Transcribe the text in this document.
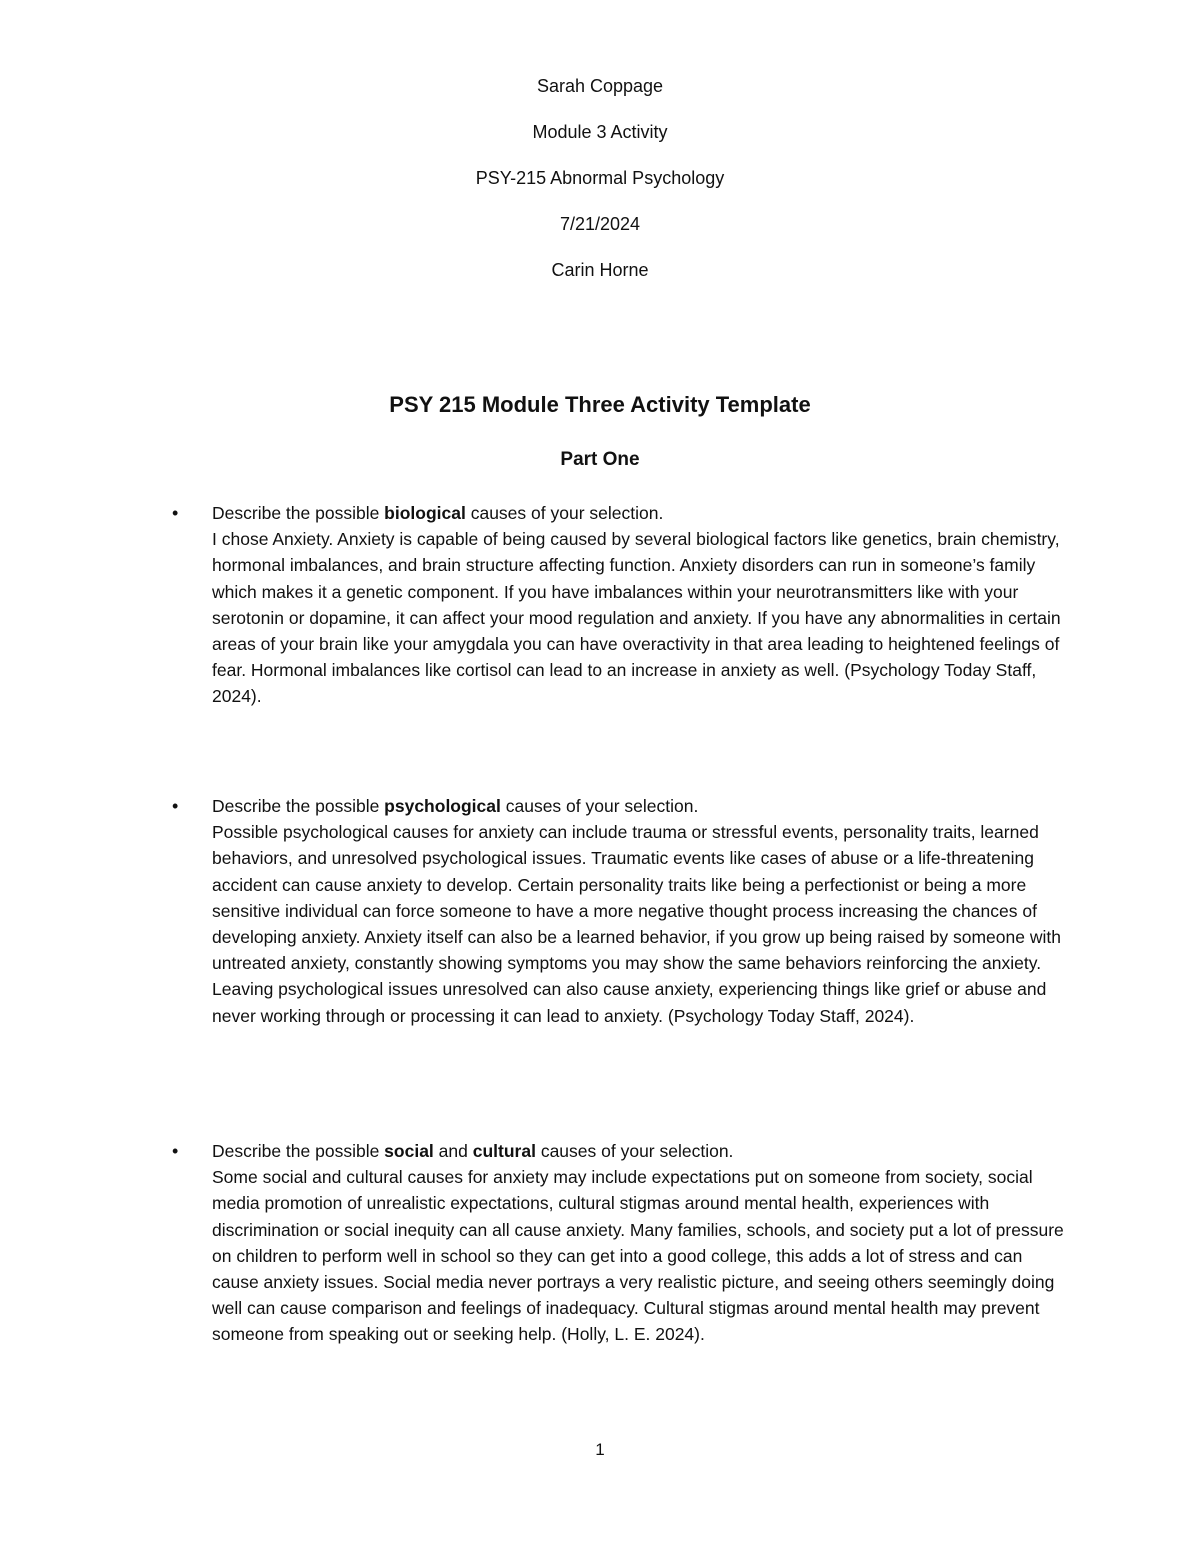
Sarah Coppage
Module 3 Activity
PSY-215 Abnormal Psychology
7/21/2024
Carin Horne
PSY 215 Module Three Activity Template
Part One
• Describe the possible biological causes of your selection.

I chose Anxiety. Anxiety is capable of being caused by several biological factors like genetics, brain chemistry, hormonal imbalances, and brain structure affecting function. Anxiety disorders can run in someone’s family which makes it a genetic component. If you have imbalances within your neurotransmitters like with your serotonin or dopamine, it can affect your mood regulation and anxiety. If you have any abnormalities in certain areas of your brain like your amygdala you can have overactivity in that area leading to heightened feelings of fear. Hormonal imbalances like cortisol can lead to an increase in anxiety as well. (Psychology Today Staff, 2024).

• Describe the possible psychological causes of your selection.

Possible psychological causes for anxiety can include trauma or stressful events, personality traits, learned behaviors, and unresolved psychological issues. Traumatic events like cases of abuse or a life-threatening accident can cause anxiety to develop. Certain personality traits like being a perfectionist or being a more sensitive individual can force someone to have a more negative thought process increasing the chances of developing anxiety. Anxiety itself can also be a learned behavior, if you grow up being raised by someone with untreated anxiety, constantly showing symptoms you may show the same behaviors reinforcing the anxiety. Leaving psychological issues unresolved can also cause anxiety, experiencing things like grief or abuse and never working through or processing it can lead to anxiety. (Psychology Today Staff, 2024).

• Describe the possible social and cultural causes of your selection.

Some social and cultural causes for anxiety may include expectations put on someone from society, social media promotion of unrealistic expectations, cultural stigmas around mental health, experiences with discrimination or social inequity can all cause anxiety. Many families, schools, and society put a lot of pressure on children to perform well in school so they can get into a good college, this adds a lot of stress and can cause anxiety issues. Social media never portrays a very realistic picture, and seeing others seemingly doing well can cause comparison and feelings of inadequacy. Cultural stigmas around mental health may prevent someone from speaking out or seeking help. (Holly, L. E. 2024).

1
